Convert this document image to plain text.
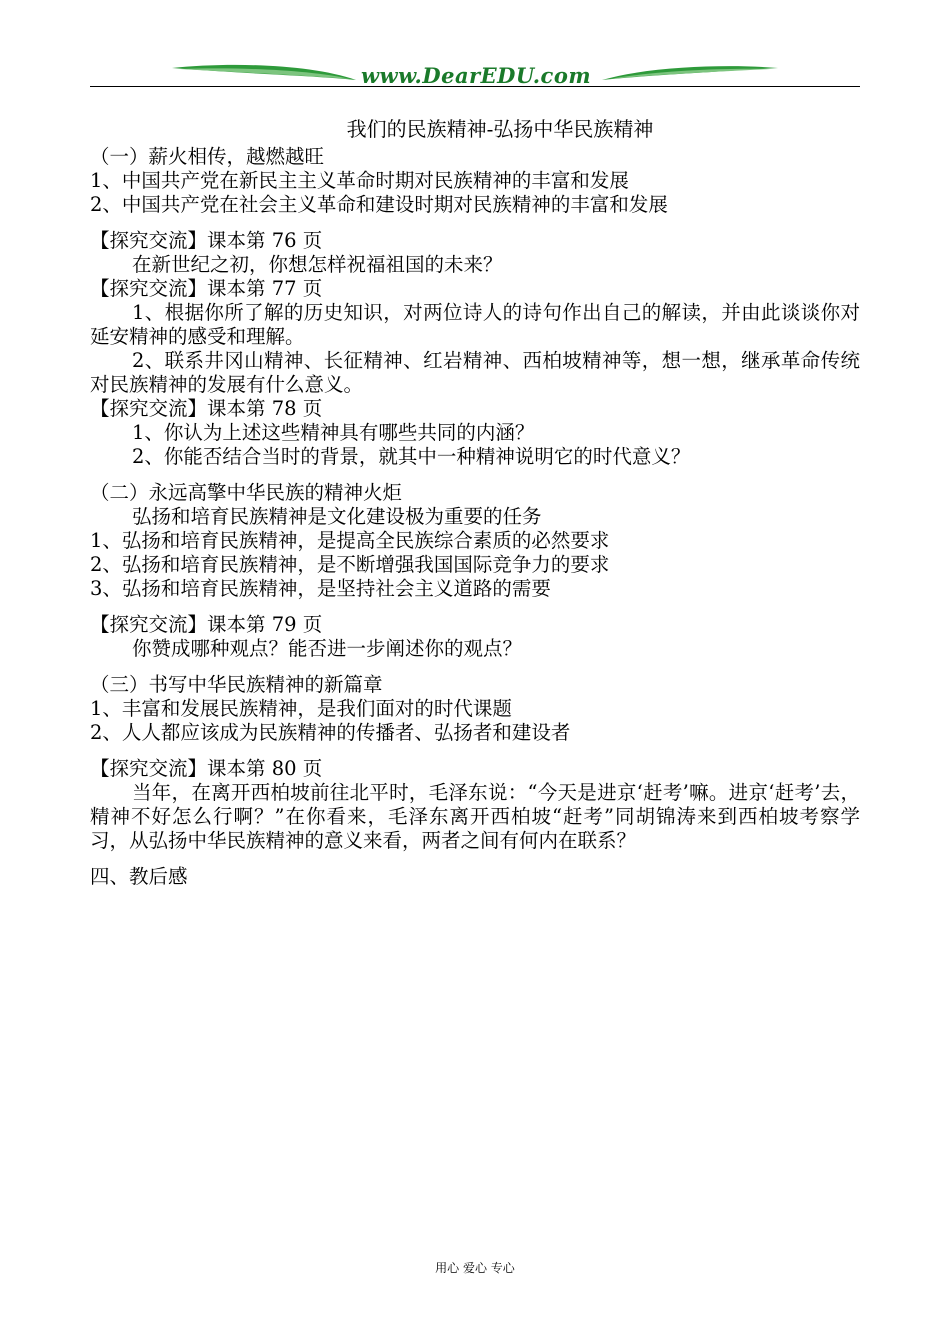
www.DearEDU.com
我们的民族精神-弘扬中华民族精神
（一）薪火相传，越燃越旺
1、中国共产党在新民主主义革命时期对民族精神的丰富和发展
2、中国共产党在社会主义革命和建设时期对民族精神的丰富和发展
【探究交流】课本第 76 页
在新世纪之初，你想怎样祝福祖国的未来？
【探究交流】课本第 77 页
1、根据你所了解的历史知识，对两位诗人的诗句作出自己的解读，并由此谈谈你对延安精神的感受和理解。
2、联系井冈山精神、长征精神、红岩精神、西柏坡精神等，想一想，继承革命传统对民族精神的发展有什么意义。
【探究交流】课本第 78 页
1、你认为上述这些精神具有哪些共同的内涵？
2、你能否结合当时的背景，就其中一种精神说明它的时代意义？
（二）永远高擎中华民族的精神火炬
弘扬和培育民族精神是文化建设极为重要的任务
1、弘扬和培育民族精神，是提高全民族综合素质的必然要求
2、弘扬和培育民族精神，是不断增强我国国际竞争力的要求
3、弘扬和培育民族精神，是坚持社会主义道路的需要
【探究交流】课本第 79 页
你赞成哪种观点？能否进一步阐述你的观点？
（三）书写中华民族精神的新篇章
1、丰富和发展民族精神，是我们面对的时代课题
2、人人都应该成为民族精神的传播者、弘扬者和建设者
【探究交流】课本第 80 页
当年，在离开西柏坡前往北平时，毛泽东说：“今天是进京‘赶考’嘛。进京‘赶考’去，精神不好怎么行啊？”在你看来，毛泽东离开西柏坡“赶考”同胡锦涛来到西柏坡考察学习，从弘扬中华民族精神的意义来看，两者之间有何内在联系？
四、教后感
用心 爱心 专心
